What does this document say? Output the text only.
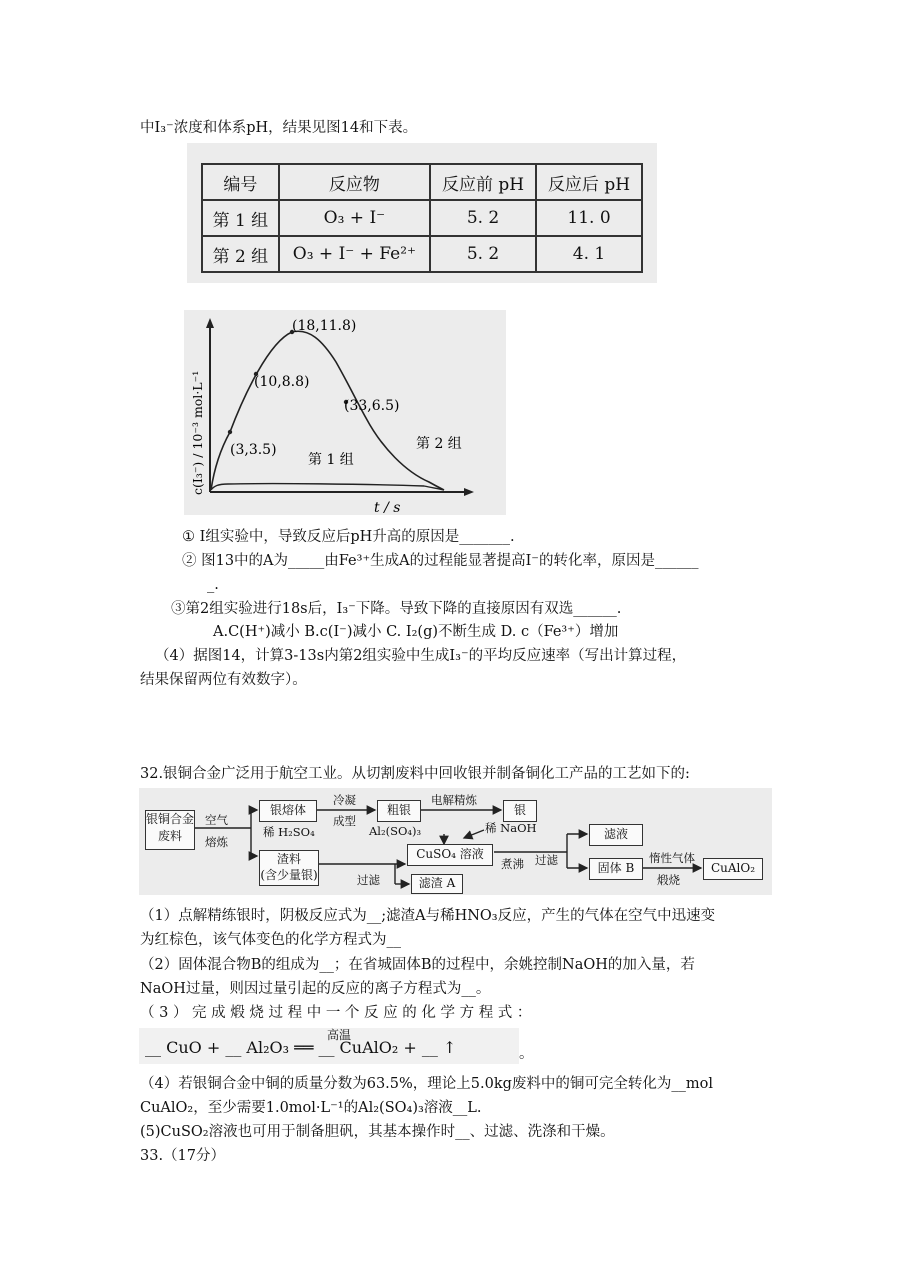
中Ⅰ₃⁻浓度和体系pH，结果见图14和下表。
编号	反应物	反应前 pH	反应后 pH
第 1 组	O₃ + I⁻	5. 2	11. 0
第 2 组	O₃ + I⁻ + Fe²⁺	5. 2	4. 1
(18,11.8)
(10,8.8)
(33,6.5)
(3,3.5)	第 2 组
第 1 组
t / s
c(I₃⁻) / 10⁻³ mol·L⁻¹
① Ⅰ组实验中，导致反应后pH升高的原因是_______.
② 图13中的A为_____由Fe³⁺生成A的过程能显著提高Ⅰ⁻的转化率，原因是______
_.
③第2组实验进行18s后，Ⅰ₃⁻下降。导致下降的直接原因有双选______.
A.C(H⁺)减小 B.c(Ⅰ⁻)减小 C. Ⅰ₂(g)不断生成 D. c（Fe³⁺）增加
（4）据图14，计算3-13s内第2组实验中生成Ⅰ₃⁻的平均反应速率（写出计算过程，
结果保留两位有效数字）。
32.银铜合金广泛用于航空工业。从切割废料中回收银并制备铜化工产品的工艺如下的:
银铜合金废料
空气
熔炼
银熔体
冷凝
成型
粗银
电解精炼
银
稀 H₂SO₄	Al₂(SO₄)₃	稀 NaOH
渣料
(含少量银)	过滤
CuSO₄ 溶液
滤渣 A
煮沸 过滤
滤液
固体 B
惰性气体
煅烧
CuAlO₂
（1）点解精练银时，阴极反应式为__;滤渣A与稀HNO₃反应，产生的气体在空气中迅速变
为红棕色，该气体变色的化学方程式为__
（2）固体混合物B的组成为__；在省城固体B的过程中，余姚控制NaOH的加入量，若
NaOH过量，则因过量引起的反应的离子方程式为__。
（ 3 ） 完 成 煅 烧 过 程 中 一 个 反 应 的 化 学 方 程 式 ：
高温
__ CuO + __ Al₂O₃ ══ __ CuAlO₂ + __ ↑	。
（4）若银铜合金中铜的质量分数为63.5%，理论上5.0kg废料中的铜可完全转化为__mol
CuAlO₂，至少需要1.0mol·L⁻¹的Al₂(SO₄)₃溶液__L.
(5)CuSO₂溶液也可用于制备胆矾，其基本操作时__、过滤、洗涤和干燥。
33.（17分）
